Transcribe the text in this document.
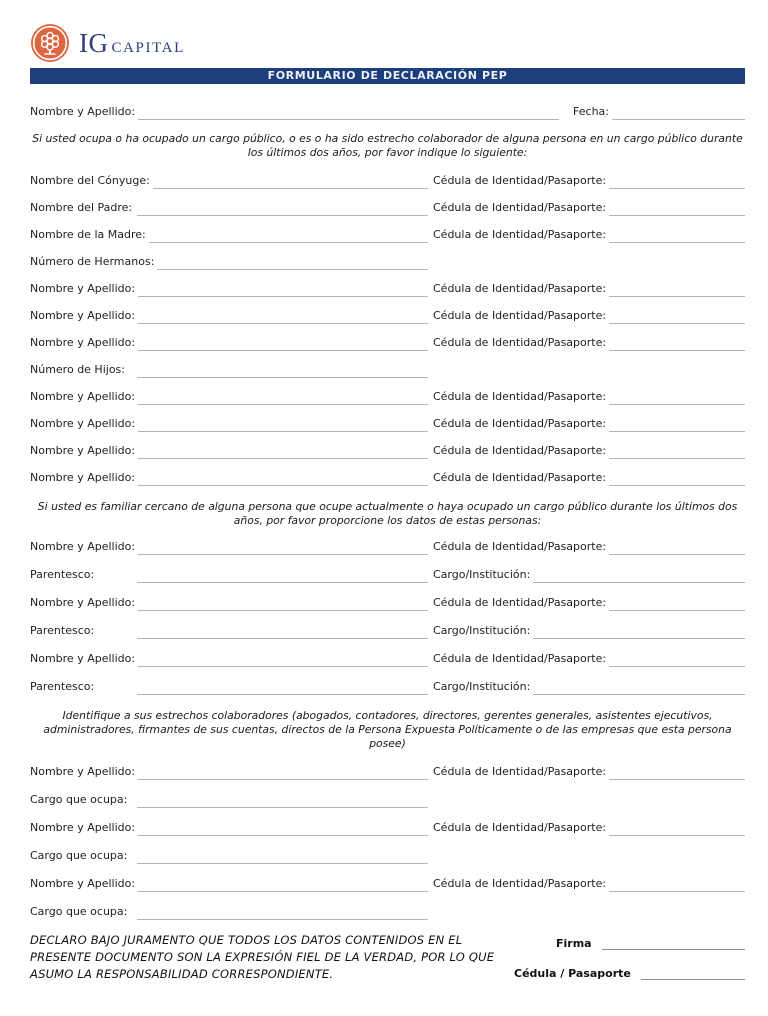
IG CAPITAL
FORMULARIO DE DECLARACIÓN PEP
Nombre y Apellido:	Fecha:

Si usted ocupa o ha ocupado un cargo público, o es o ha sido estrecho colaborador de alguna persona en un cargo público durante los últimos dos años, por favor indique lo siguiente:

Nombre del Cónyuge:	Cédula de Identidad/Pasaporte:
Nombre del Padre:	Cédula de Identidad/Pasaporte:
Nombre de la Madre:	Cédula de Identidad/Pasaporte:
Número de Hermanos:
Nombre y Apellido:	Cédula de Identidad/Pasaporte:
Nombre y Apellido:	Cédula de Identidad/Pasaporte:
Nombre y Apellido:	Cédula de Identidad/Pasaporte:
Número de Hijos:
Nombre y Apellido:	Cédula de Identidad/Pasaporte:
Nombre y Apellido:	Cédula de Identidad/Pasaporte:
Nombre y Apellido:	Cédula de Identidad/Pasaporte:
Nombre y Apellido:	Cédula de Identidad/Pasaporte:

Si usted es familiar cercano de alguna persona que ocupe actualmente o haya ocupado un cargo público durante los últimos dos años, por favor proporcione los datos de estas personas:

Nombre y Apellido:	Cédula de Identidad/Pasaporte:
Parentesco:	Cargo/Institución:
Nombre y Apellido:	Cédula de Identidad/Pasaporte:
Parentesco:	Cargo/Institución:
Nombre y Apellido:	Cédula de Identidad/Pasaporte:
Parentesco:	Cargo/Institución:

Identifique a sus estrechos colaboradores (abogados, contadores, directores, gerentes generales, asistentes ejecutivos, administradores, firmantes de sus cuentas, directos de la Persona Expuesta Políticamente o de las empresas que esta persona posee)

Nombre y Apellido:	Cédula de Identidad/Pasaporte:
Cargo que ocupa:
Nombre y Apellido:	Cédula de Identidad/Pasaporte:
Cargo que ocupa:
Nombre y Apellido:	Cédula de Identidad/Pasaporte:
Cargo que ocupa:

DECLARO BAJO JURAMENTO QUE TODOS LOS DATOS CONTENIDOS EN EL PRESENTE DOCUMENTO SON LA EXPRESIÓN FIEL DE LA VERDAD, POR LO QUE ASUMO LA RESPONSABILIDAD CORRESPONDIENTE.

Firma
Cédula / Pasaporte
